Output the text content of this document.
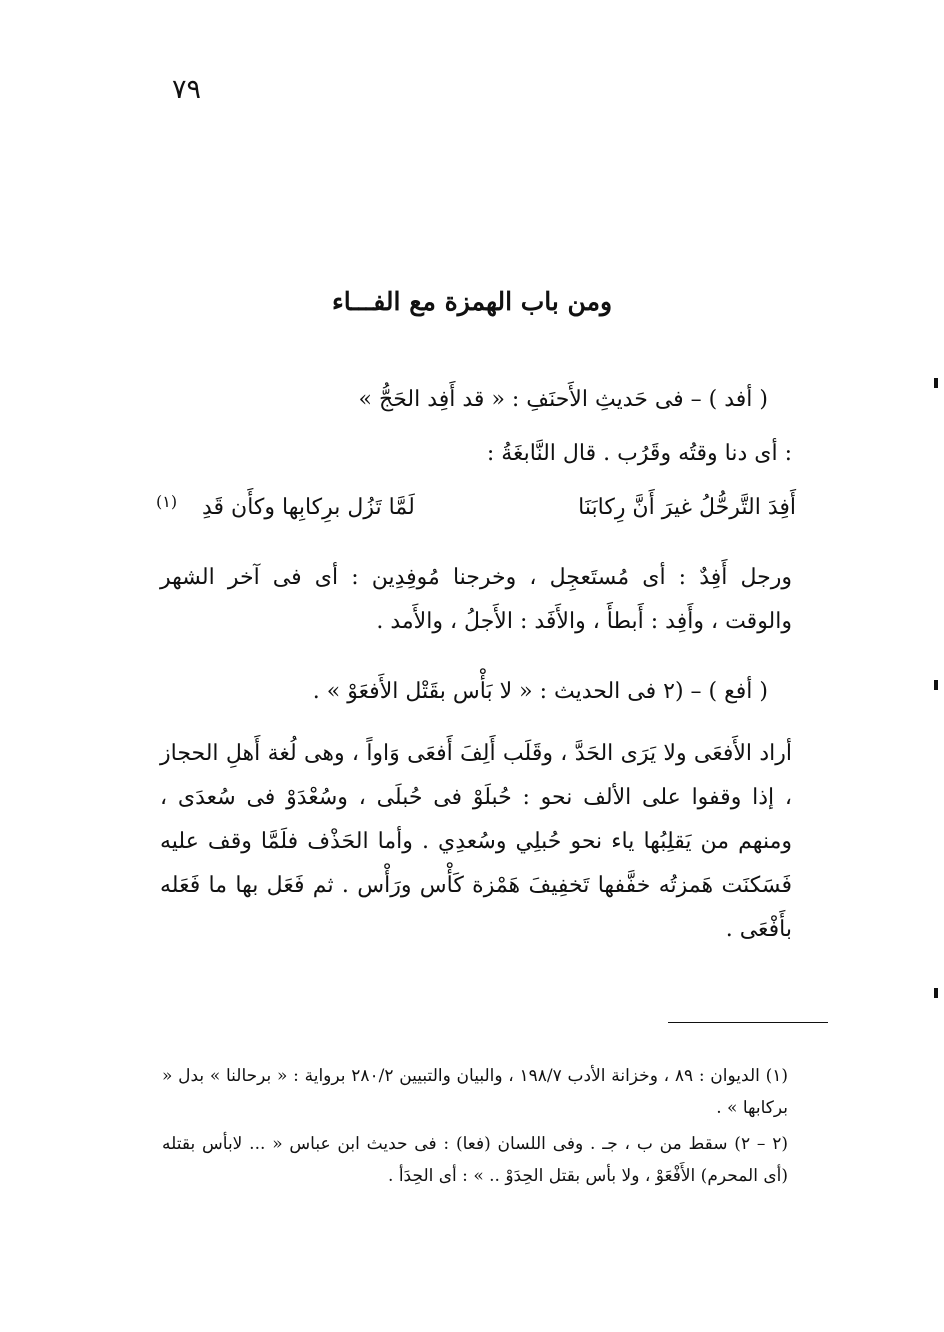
٧٩
ومن باب الهمزة مع الفـــاء
( أفد ) – فى حَديثِ الأَحنَفِ : « قد أَفِد الحَجُّ »
: أى دنا وقتُه وقَرُب . قال النَّابغَةُ :
أَفِدَ التَّرحُّلُ غيرَ أَنَّ رِكابَنَا
لَمَّا تَزُل برِكابِها وكأَن قَدِ
(١)
ورجل أَفِدٌ : أى مُستَعجِل ، وخرجنا مُوفِدِين : أى فى آخر الشهر والوقت ، وأَفِد : أَبطأَ ، والأَفَد : الأَجلُ ، والأَمد .
( أفع ) – (٢ فى الحديث : « لا بَأْس بقَتْل الأَفعَوْ » .
أراد الأَفعَى ولا يَرَى الحَدَّ ، وقَلَب أَلِفَ أَفعَى وَاواً ، وهى لُغة أَهلِ الحجاز ، إذا وقفوا على الألف نحو : حُبلَوْ فى حُبلَى ، وسُعْدَوْ فى سُعدَى ، ومنهم من يَقلِبُها ياء نحو حُبلِي وسُعدِي . وأما الحَذْف فلَمَّا وقف عليه فَسَكنَت هَمزتُه خفَّفها تَخفِيفَ هَمْزة كَأْس ورَأْس . ثم فَعَل بها ما فَعَله بأَفْعَى .
(١) الديوان : ٨٩ ، وخزانة الأدب ١٩٨/٧ ، والبيان والتبيين ٢٨٠/٢ برواية : « برحالنا » بدل « بركابها » .
(٢ – ٢) سقط من ب ، جـ . وفى اللسان (فعا) : فى حديث ابن عباس « ... لابأس بقتله (أى المحرم) الأَفْعَوْ ، ولا بأس بقتل الحِدَوْ .. » : أى الحِدَأ .
